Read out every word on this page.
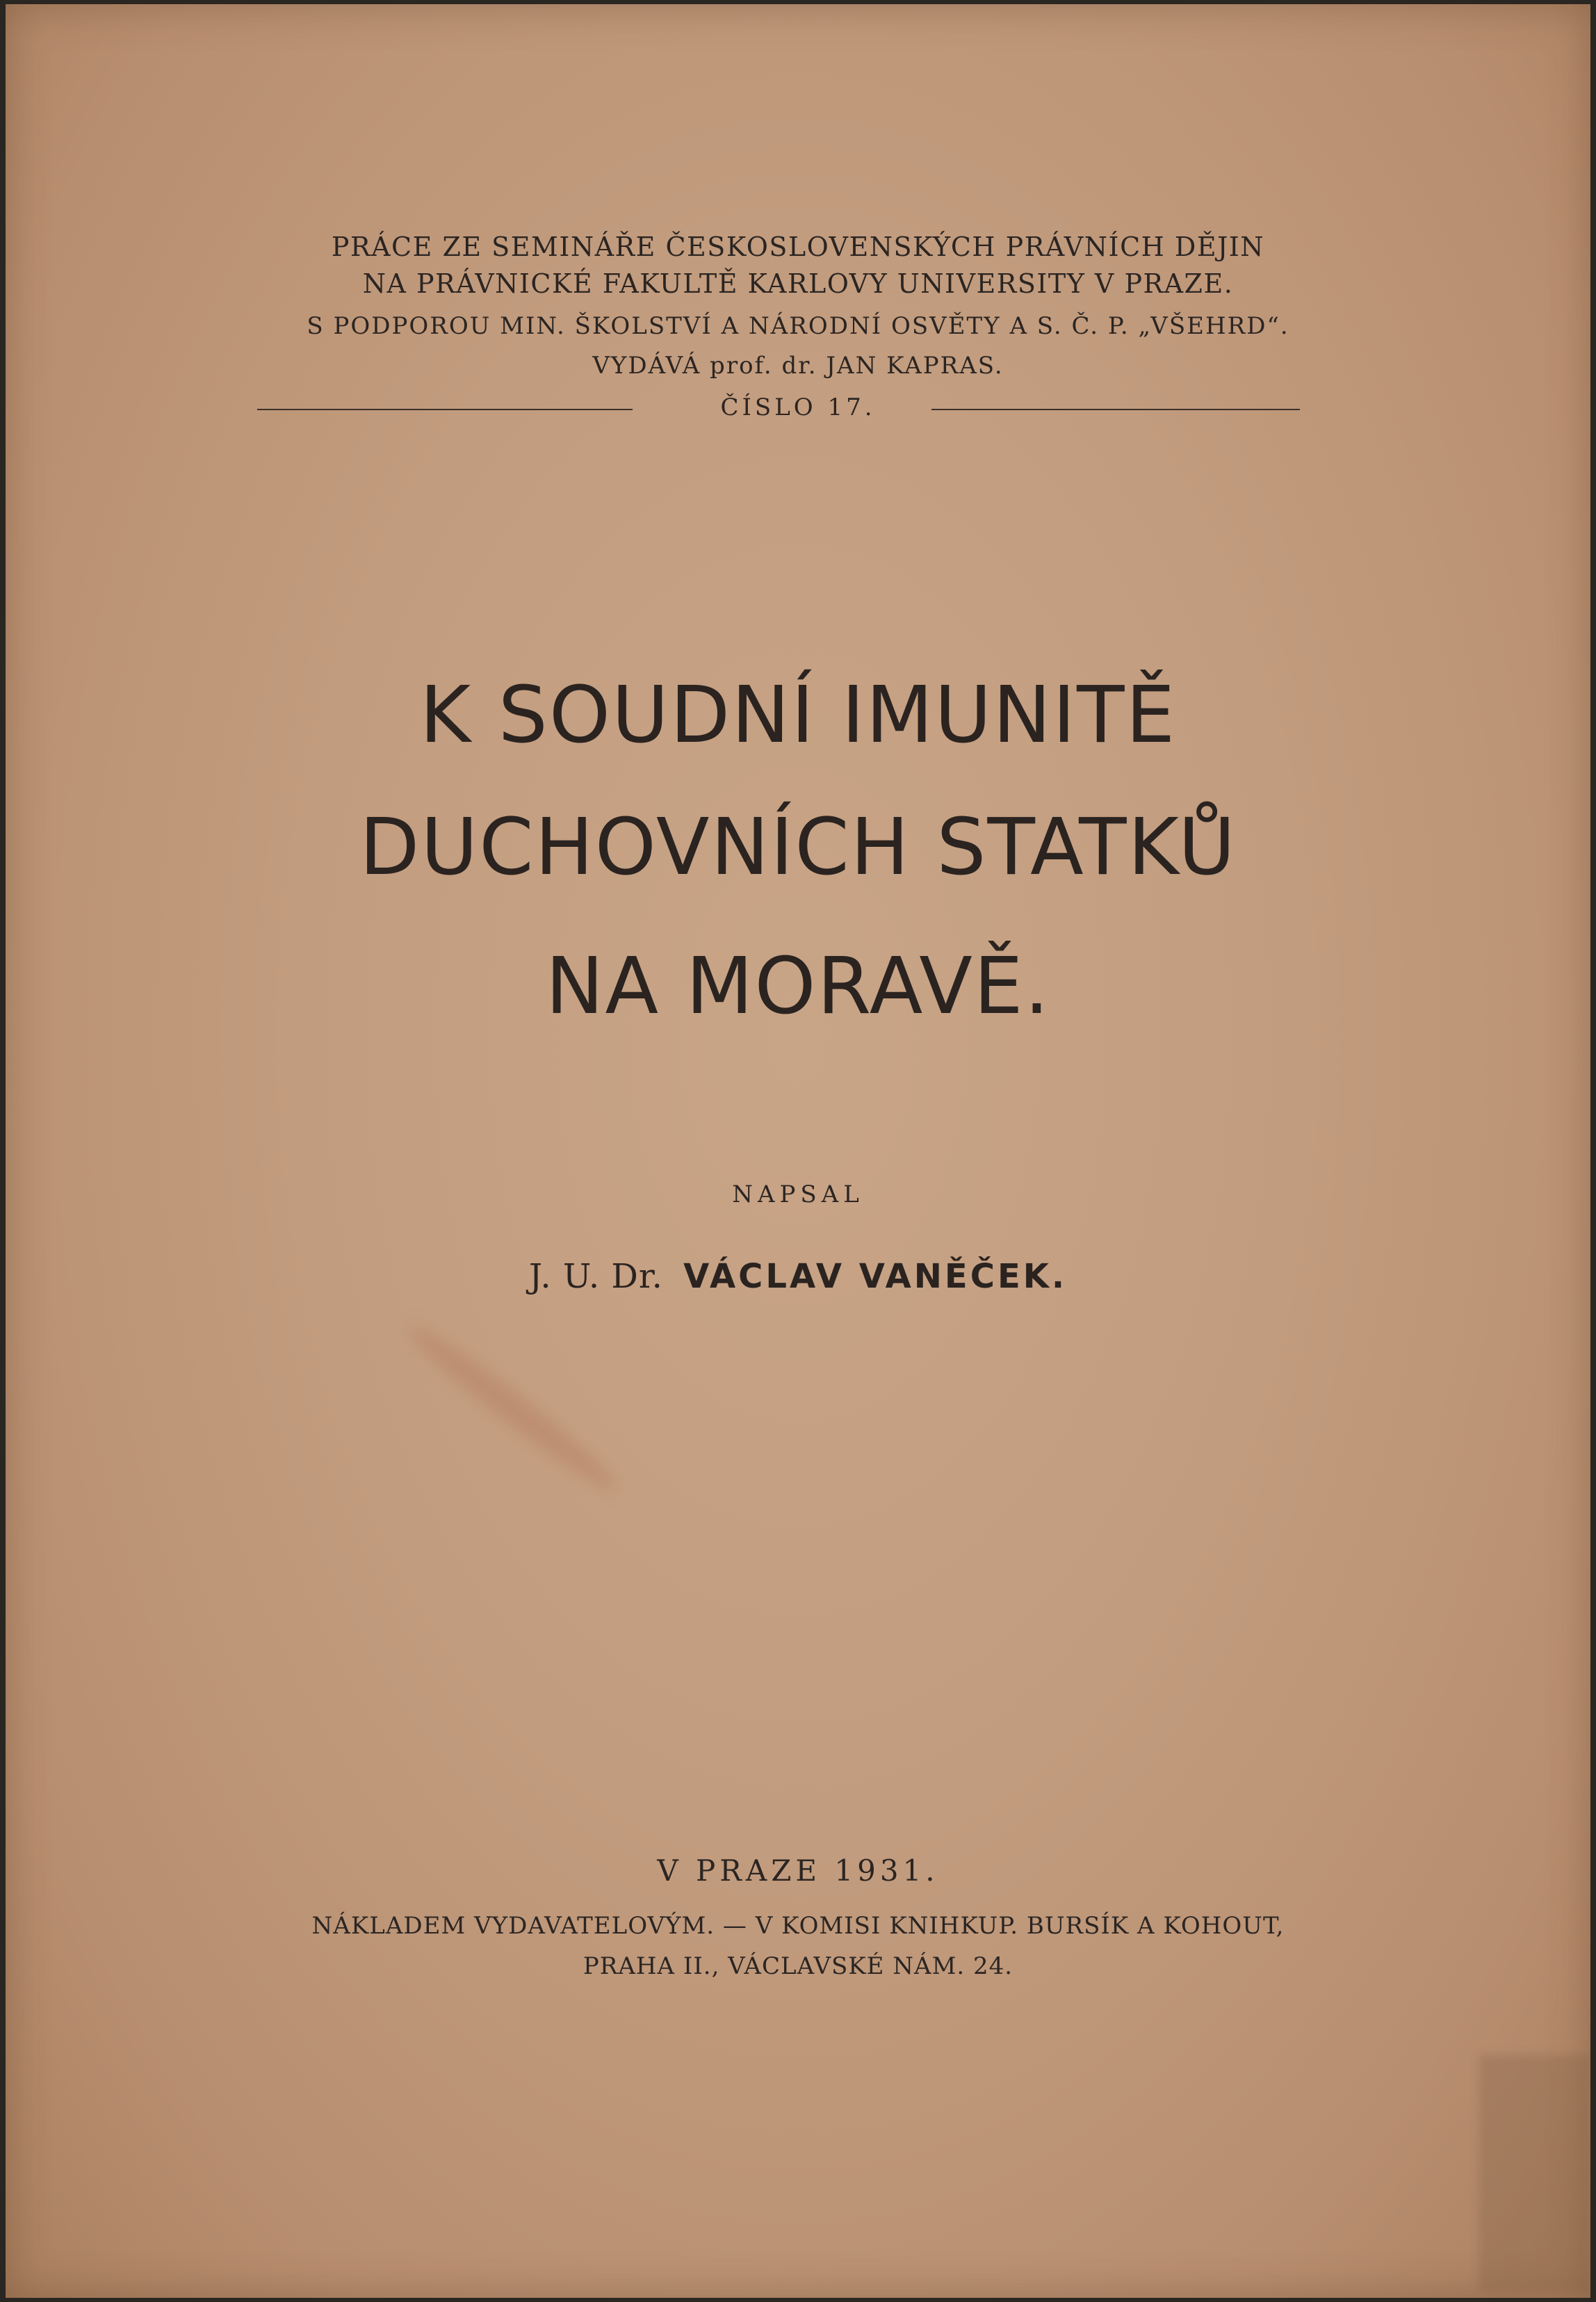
PRÁCE ZE SEMINÁŘE ČESKOSLOVENSKÝCH PRÁVNÍCH DĚJIN
NA PRÁVNICKÉ FAKULTĚ KARLOVY UNIVERSITY V PRAZE.
S PODPOROU MIN. ŠKOLSTVÍ A NÁRODNÍ OSVĚTY A S. Č. P. „VŠEHRD“.
VYDÁVÁ prof. dr. JAN KAPRAS.
ČÍSLO 17.
K SOUDNÍ IMUNITĚ
DUCHOVNÍCH STATKŮ
NA MORAVĚ.
NAPSAL
J. U. Dr. VÁCLAV VANĚČEK.
V PRAZE 1931.
NÁKLADEM VYDAVATELOVÝM. — V KOMISI KNIHKUP. BURSÍK A KOHOUT,
PRAHA II., VÁCLAVSKÉ NÁM. 24.
